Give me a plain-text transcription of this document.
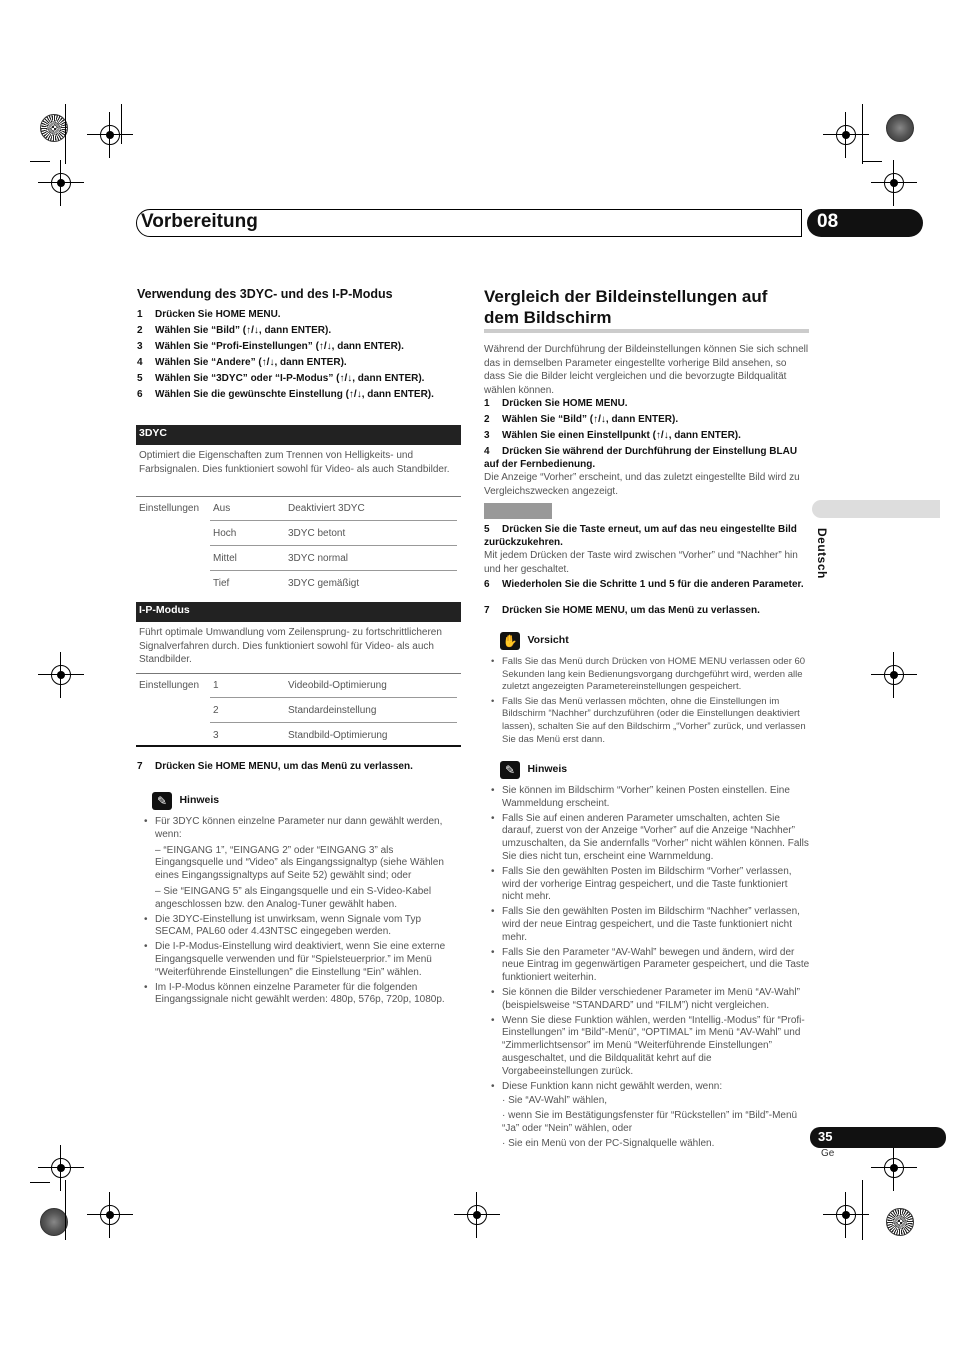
Vorbereitung	08
Verwendung des 3DYC- und des I-P-Modus
1 Drücken Sie HOME MENU.
2 Wählen Sie “Bild” (↑/↓, dann ENTER).
3 Wählen Sie “Profi-Einstellungen” (↑/↓, dann ENTER).
4 Wählen Sie “Andere” (↑/↓, dann ENTER).
5 Wählen Sie “3DYC” oder “I-P-Modus” (↑/↓, dann ENTER).
6 Wählen Sie die gewünschte Einstellung (↑/↓, dann ENTER).
3DYC
Optimiert die Eigenschaften zum Trennen von Helligkeits- und Farbsignalen. Dies funktioniert sowohl für Video- als auch Standbilder.
Einstellungen	Aus	Deaktiviert 3DYC
	Hoch	3DYC betont
	Mittel	3DYC normal
	Tief	3DYC gemäßigt
I-P-Modus
Führt optimale Umwandlung vom Zeilensprung- zu fortschrittlicheren Signalverfahren durch. Dies funktioniert sowohl für Video- als auch Standbilder.
Einstellungen	1	Videobild-Optimierung
	2	Standardeinstellung
	3	Standbild-Optimierung
7 Drücken Sie HOME MENU, um das Menü zu verlassen.
✎ Hinweis
• Für 3DYC können einzelne Parameter nur dann gewählt werden, wenn:
– “EINGANG 1”, “EINGANG 2” oder “EINGANG 3” als Eingangsquelle und “Video” als Eingangssignaltyp (siehe Wählen eines Eingangssignaltyps auf Seite 52) gewählt sind; oder
– Sie “EINGANG 5” als Eingangsquelle und ein S-Video-Kabel angeschlossen bzw. den Analog-Tuner gewählt haben.
• Die 3DYC-Einstellung ist unwirksam, wenn Signale vom Typ SECAM, PAL60 oder 4.43NTSC eingegeben werden.
• Die I-P-Modus-Einstellung wird deaktiviert, wenn Sie eine externe Eingangsquelle verwenden und für “Spielsteuerprior.” im Menü “Weiterführende Einstellungen” die Einstellung “Ein” wählen.
• Im I-P-Modus können einzelne Parameter für die folgenden Eingangssignale nicht gewählt werden: 480p, 576p, 720p, 1080p.
Vergleich der Bildeinstellungen auf dem Bildschirm
Während der Durchführung der Bildeinstellungen können Sie sich schnell das in demselben Parameter eingestellte vorherige Bild ansehen, so dass Sie die Bilder leicht vergleichen und die bevorzugte Bildqualität wählen können.
1 Drücken Sie HOME MENU.
2 Wählen Sie “Bild” (↑/↓, dann ENTER).
3 Wählen Sie einen Einstellpunkt (↑/↓, dann ENTER).
4 Drücken Sie während der Durchführung der Einstellung BLAU auf der Fernbedienung.
Die Anzeige “Vorher” erscheint, und das zuletzt eingestellte Bild wird zu Vergleichszwecken angezeigt.
5 Drücken Sie die Taste erneut, um auf das neu eingestellte Bild zurückzukehren.
Mit jedem Drücken der Taste wird zwischen “Vorher” und “Nachher” hin und her geschaltet.
6 Wiederholen Sie die Schritte 1 und 5 für die anderen Parameter.
7 Drücken Sie HOME MENU, um das Menü zu verlassen.
✋ Vorsicht
• Falls Sie das Menü durch Drücken von HOME MENU verlassen oder 60 Sekunden lang kein Bedienungsvorgang durchgeführt wird, werden alle zuletzt angezeigten Parametereinstellungen gespeichert.
• Falls Sie das Menü verlassen möchten, ohne die Einstellungen im Bildschirm “Nachher” durchzuführen (oder die Einstellungen deaktiviert lassen), schalten Sie auf den Bildschirm „“Vorher” zurück, und verlassen Sie das Menü erst dann.
✎ Hinweis
• Sie können im Bildschirm “Vorher” keinen Posten einstellen. Eine Wammeldung erscheint.
• Falls Sie auf einen anderen Parameter umschalten, achten Sie darauf, zuerst von der Anzeige “Vorher” auf die Anzeige “Nachher” umzuschalten, da Sie andernfalls “Vorher” nicht wählen können. Falls Sie dies nicht tun, erscheint eine Warnmeldung.
• Falls Sie den gewählten Posten im Bildschirm “Vorher” verlassen, wird der vorherige Eintrag gespeichert, und die Taste funktioniert nicht mehr.
• Falls Sie den gewählten Posten im Bildschirm “Nachher” verlassen, wird der neue Eintrag gespeichert, und die Taste funktioniert nicht mehr.
• Falls Sie den Parameter “AV-Wahl” bewegen und ändern, wird der neue Eintrag im gegenwärtigen Parameter gespeichert, und die Taste funktioniert weiterhin.
• Sie können die Bilder verschiedener Parameter im Menü “AV-Wahl” (beispielsweise “STANDARD” und “FILM”) nicht vergleichen.
• Wenn Sie diese Funktion wählen, werden “Intellig.-Modus” für “Profi-Einstellungen” im “Bild”-Menü”, “OPTIMAL” im Menü “AV-Wahl” und “Zimmerlichtsensor” im Menü “Weiterführende Einstellungen” ausgeschaltet, und die Bildqualität kehrt auf die Vorgabeeinstellungen zurück.
• Diese Funktion kann nicht gewählt werden, wenn:
· Sie “AV-Wahl” wählen,
· wenn Sie im Bestätigungsfenster für “Rückstellen” im “Bild”-Menü “Ja” oder “Nein” wählen, oder
· Sie ein Menü von der PC-Signalquelle wählen.
Deutsch
35
Ge
